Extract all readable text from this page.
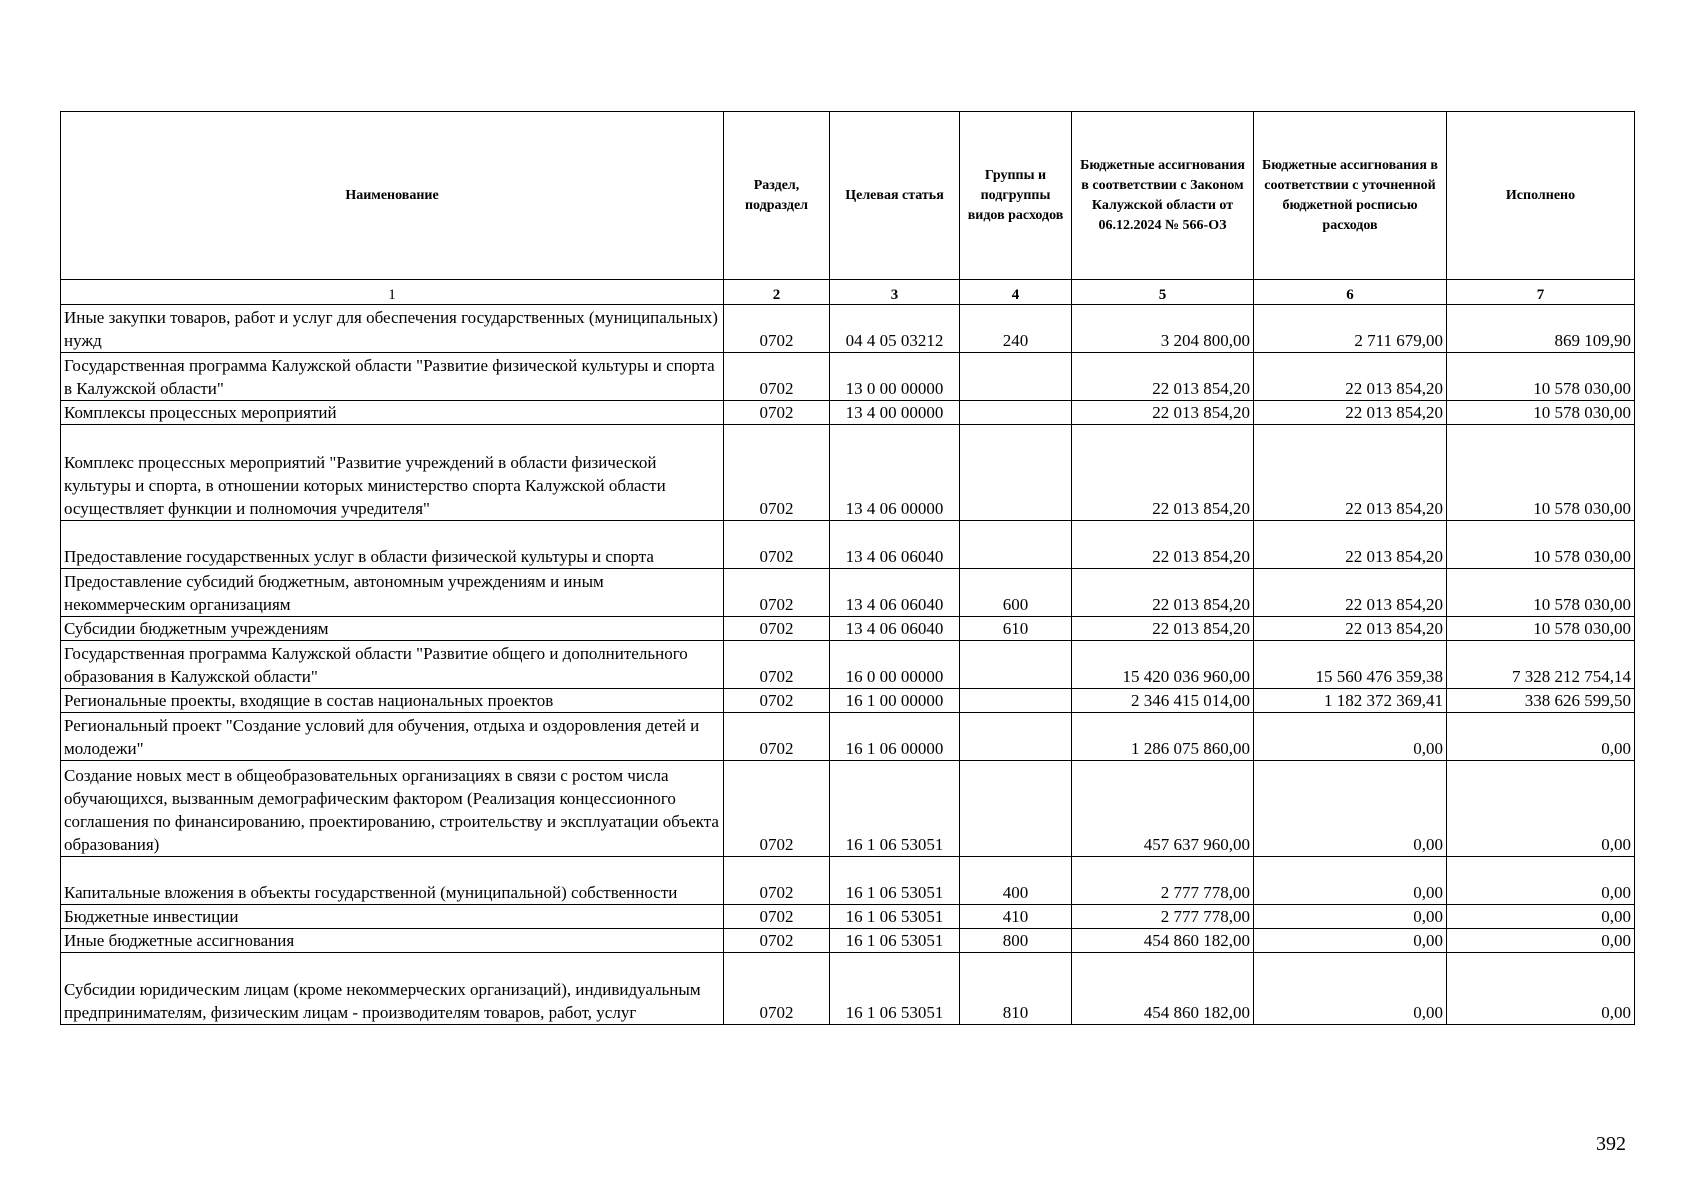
Наименование	Раздел, подраздел	Целевая статья	Группы и подгруппы видов расходов	Бюджетные ассигнования в соответствии с Законом Калужской области от 06.12.2024 № 566-ОЗ	Бюджетные ассигнования в соответствии с уточненной бюджетной росписью расходов	Исполнено
1	2	3	4	5	6	7
Иные закупки товаров, работ и услуг для обеспечения государственных (муниципальных) нужд	0702	04 4 05 03212	240	3 204 800,00	2 711 679,00	869 109,90
Государственная программа Калужской области "Развитие физической культуры и спорта в Калужской области"	0702	13 0 00 00000		22 013 854,20	22 013 854,20	10 578 030,00
Комплексы процессных мероприятий	0702	13 4 00 00000		22 013 854,20	22 013 854,20	10 578 030,00
Комплекс процессных мероприятий "Развитие учреждений в области физической культуры и спорта, в отношении которых министерство спорта Калужской области осуществляет функции и полномочия учредителя"	0702	13 4 06 00000		22 013 854,20	22 013 854,20	10 578 030,00
Предоставление государственных услуг в области физической культуры и спорта	0702	13 4 06 06040		22 013 854,20	22 013 854,20	10 578 030,00
Предоставление субсидий бюджетным, автономным учреждениям и иным некоммерческим организациям	0702	13 4 06 06040	600	22 013 854,20	22 013 854,20	10 578 030,00
Субсидии бюджетным учреждениям	0702	13 4 06 06040	610	22 013 854,20	22 013 854,20	10 578 030,00
Государственная программа Калужской области "Развитие общего и дополнительного образования в Калужской области"	0702	16 0 00 00000		15 420 036 960,00	15 560 476 359,38	7 328 212 754,14
Региональные проекты, входящие в состав национальных проектов	0702	16 1 00 00000		2 346 415 014,00	1 182 372 369,41	338 626 599,50
Региональный проект "Создание условий для обучения, отдыха и оздоровления детей и молодежи"	0702	16 1 06 00000		1 286 075 860,00	0,00	0,00
Создание новых мест в общеобразовательных организациях в связи с ростом числа обучающихся, вызванным демографическим фактором (Реализация концессионного соглашения по финансированию, проектированию, строительству и эксплуатации объекта образования)	0702	16 1 06 53051		457 637 960,00	0,00	0,00
Капитальные вложения в объекты государственной (муниципальной) собственности	0702	16 1 06 53051	400	2 777 778,00	0,00	0,00
Бюджетные инвестиции	0702	16 1 06 53051	410	2 777 778,00	0,00	0,00
Иные бюджетные ассигнования	0702	16 1 06 53051	800	454 860 182,00	0,00	0,00
Субсидии юридическим лицам (кроме некоммерческих организаций), индивидуальным предпринимателям, физическим лицам - производителям товаров, работ, услуг	0702	16 1 06 53051	810	454 860 182,00	0,00	0,00
392
